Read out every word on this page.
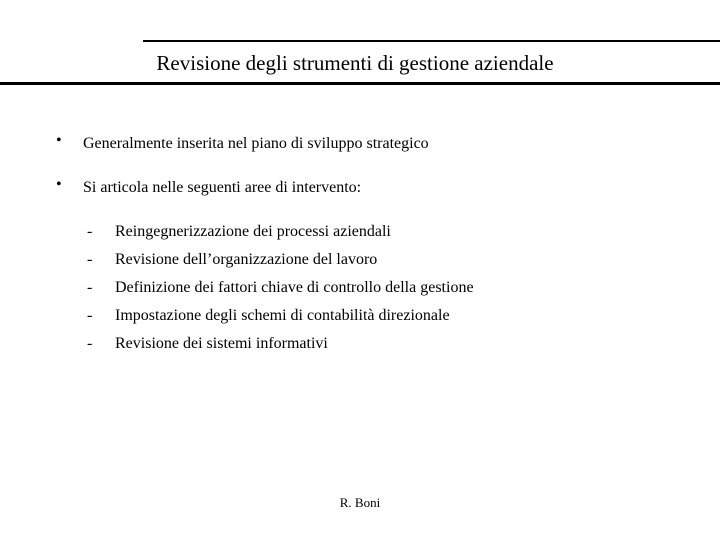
Revisione degli strumenti di gestione aziendale
• Generalmente inserita nel piano di sviluppo strategico
• Si articola nelle seguenti aree di intervento:
- Reingegnerizzazione dei processi aziendali
- Revisione dell’organizzazione del lavoro
- Definizione dei fattori chiave di controllo della gestione
- Impostazione degli schemi di contabilità direzionale
- Revisione dei sistemi informativi
R. Boni
